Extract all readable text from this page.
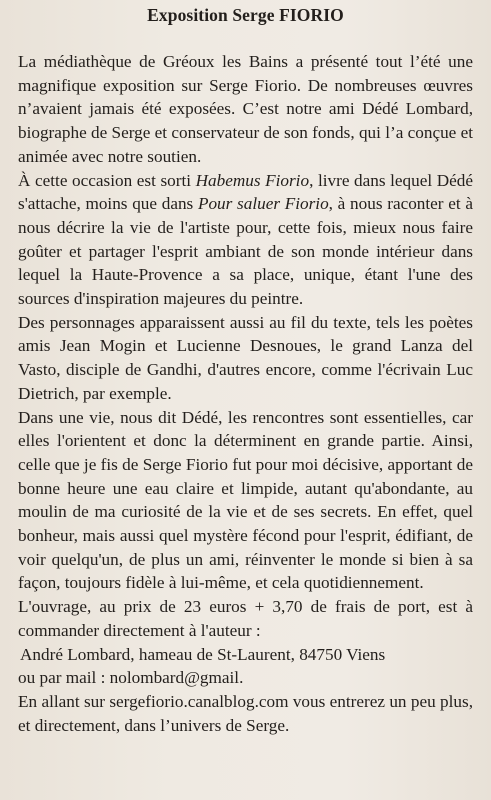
Exposition Serge FIORIO

La médiathèque de Gréoux les Bains a présenté tout l’été une magnifique exposition sur Serge Fiorio. De nombreuses œuvres n’avaient jamais été exposées. C’est notre ami Dédé Lombard, biographe de Serge et conservateur de son fonds, qui l’a conçue et animée avec notre soutien.

À cette occasion est sorti Habemus Fiorio, livre dans lequel Dédé s'attache, moins que dans Pour saluer Fiorio, à nous raconter et à nous décrire la vie de l'artiste pour, cette fois, mieux nous faire goûter et partager l'esprit ambiant de son monde intérieur dans lequel la Haute-Provence a sa place, unique, étant l'une des sources d'inspiration majeures du peintre.

Des personnages apparaissent aussi au fil du texte, tels les poètes amis Jean Mogin et Lucienne Desnoues, le grand Lanza del Vasto, disciple de Gandhi, d'autres encore, comme l'écrivain Luc Dietrich, par exemple.

Dans une vie, nous dit Dédé, les rencontres sont essentielles, car elles l'orientent et donc la déterminent en grande partie. Ainsi, celle que je fis de Serge Fiorio fut pour moi décisive, apportant de bonne heure une eau claire et limpide, autant qu'abondante, au moulin de ma curiosité de la vie et de ses secrets. En effet, quel bonheur, mais aussi quel mystère fécond pour l'esprit, édifiant, de voir quelqu'un, de plus un ami, réinventer le monde si bien à sa façon, toujours fidèle à lui-même, et cela quotidiennement.

L'ouvrage, au prix de 23 euros + 3,70 de frais de port, est à commander directement à l'auteur :

André Lombard, hameau de St-Laurent, 84750 Viens

ou par mail : nolombard@gmail.

En allant sur sergefiorio.canalblog.com vous entrerez un peu plus, et directement, dans l’univers de Serge.
